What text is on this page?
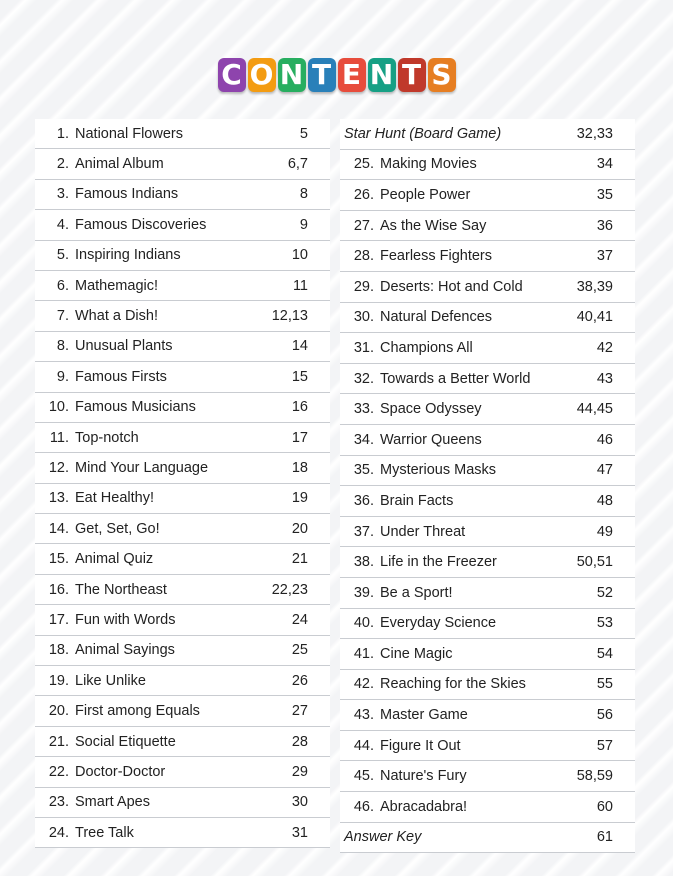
C O N T E N T S
1. National Flowers	5
2. Animal Album	6,7
3. Famous Indians	8
4. Famous Discoveries	9
5. Inspiring Indians	10
6. Mathemagic!	11
7. What a Dish!	12,13
8. Unusual Plants	14
9. Famous Firsts	15
10. Famous Musicians	16
11. Top-notch	17
12. Mind Your Language	18
13. Eat Healthy!	19
14. Get, Set, Go!	20
15. Animal Quiz	21
16. The Northeast	22,23
17. Fun with Words	24
18. Animal Sayings	25
19. Like Unlike	26
20. First among Equals	27
21. Social Etiquette	28
22. Doctor-Doctor	29
23. Smart Apes	30
24. Tree Talk	31
Star Hunt (Board Game)	32,33
25. Making Movies	34
26. People Power	35
27. As the Wise Say	36
28. Fearless Fighters	37
29. Deserts: Hot and Cold	38,39
30. Natural Defences	40,41
31. Champions All	42
32. Towards a Better World	43
33. Space Odyssey	44,45
34. Warrior Queens	46
35. Mysterious Masks	47
36. Brain Facts	48
37. Under Threat	49
38. Life in the Freezer	50,51
39. Be a Sport!	52
40. Everyday Science	53
41. Cine Magic	54
42. Reaching for the Skies	55
43. Master Game	56
44. Figure It Out	57
45. Nature's Fury	58,59
46. Abracadabra!	60
Answer Key	61
